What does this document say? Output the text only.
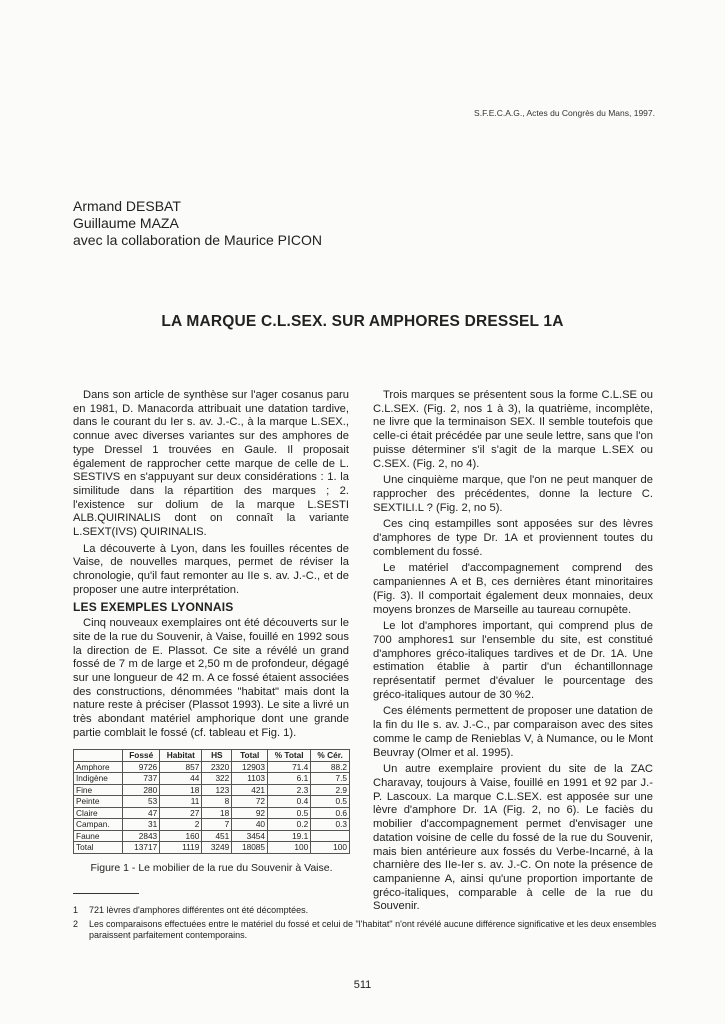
S.F.E.C.A.G., Actes du Congrès du Mans, 1997.
Armand DESBAT
Guillaume MAZA
avec la collaboration de Maurice PICON
LA MARQUE C.L.SEX. SUR AMPHORES DRESSEL 1A

Dans son article de synthèse sur l'ager cosanus paru en 1981, D. Manacorda attribuait une datation tardive, dans le courant du Ier s. av. J.-C., à la marque L.SEX., connue avec diverses variantes sur des amphores de type Dressel 1 trouvées en Gaule. Il proposait également de rapprocher cette marque de celle de L. SESTIVS en s'appuyant sur deux considérations : 1. la similitude dans la répartition des marques ; 2. l'existence sur dolium de la marque L.SESTI ALB.QUIRINALIS dont on connaît la variante L.SEXT(IVS) QUIRINALIS.

La découverte à Lyon, dans les fouilles récentes de Vaise, de nouvelles marques, permet de réviser la chronologie, qu'il faut remonter au IIe s. av. J.-C., et de proposer une autre interprétation.

LES EXEMPLES LYONNAIS

Cinq nouveaux exemplaires ont été découverts sur le site de la rue du Souvenir, à Vaise, fouillé en 1992 sous la direction de E. Plassot. Ce site a révélé un grand fossé de 7 m de large et 2,50 m de profondeur, dégagé sur une longueur de 42 m. A ce fossé étaient associées des constructions, dénommées "habitat" mais dont la nature reste à préciser (Plassot 1993). Le site a livré un très abondant matériel amphorique dont une grande partie comblait le fossé (cf. tableau et Fig. 1).

	Fossé	Habitat	HS	Total	% Total	% Cér.
Amphore	9726	857	2320	12903	71.4	88.2
Indigène	737	44	322	1103	6.1	7.5
Fine	280	18	123	421	2.3	2.9
Peinte	53	11	8	72	0.4	0.5
Claire	47	27	18	92	0.5	0.6
Campan.	31	2	7	40	0.2	0.3
Faune	2843	160	451	3454	19.1	
Total	13717	1119	3249	18085	100	100
Figure 1 - Le mobilier de la rue du Souvenir à Vaise.

Trois marques se présentent sous la forme C.L.SE ou C.L.SEX. (Fig. 2, nos 1 à 3), la quatrième, incomplète, ne livre que la terminaison SEX. Il semble toutefois que celle-ci était précédée par une seule lettre, sans que l'on puisse déterminer s'il s'agit de la marque L.SEX ou C.SEX. (Fig. 2, no 4).

Une cinquième marque, que l'on ne peut manquer de rapprocher des précédentes, donne la lecture C. SEXTILI.L ? (Fig. 2, no 5).

Ces cinq estampilles sont apposées sur des lèvres d'amphores de type Dr. 1A et proviennent toutes du comblement du fossé.

Le matériel d'accompagnement comprend des campaniennes A et B, ces dernières étant minoritaires (Fig. 3). Il comportait également deux monnaies, deux moyens bronzes de Marseille au taureau cornupète.

Le lot d'amphores important, qui comprend plus de 700 amphores1 sur l'ensemble du site, est constitué d'amphores gréco-italiques tardives et de Dr. 1A. Une estimation établie à partir d'un échantillonnage représentatif permet d'évaluer le pourcentage des gréco-italiques autour de 30 %2.

Ces éléments permettent de proposer une datation de la fin du IIe s. av. J.-C., par comparaison avec des sites comme le camp de Renieblas V, à Numance, ou le Mont Beuvray (Olmer et al. 1995).

Un autre exemplaire provient du site de la ZAC Charavay, toujours à Vaise, fouillé en 1991 et 92 par J.-P. Lascoux. La marque C.L.SEX. est apposée sur une lèvre d'amphore Dr. 1A (Fig. 2, no 6). Le faciès du mobilier d'accompagnement permet d'envisager une datation voisine de celle du fossé de la rue du Souvenir, mais bien antérieure aux fossés du Verbe-Incarné, à la charnière des IIe-Ier s. av. J.-C. On note la présence de campanienne A, ainsi qu'une proportion importante de gréco-italiques, comparable à celle de la rue du Souvenir.

1	721 lèvres d'amphores différentes ont été décomptées.
2	Les comparaisons effectuées entre le matériel du fossé et celui de "l'habitat" n'ont révélé aucune différence significative et les deux ensembles paraissent parfaitement contemporains.
511
